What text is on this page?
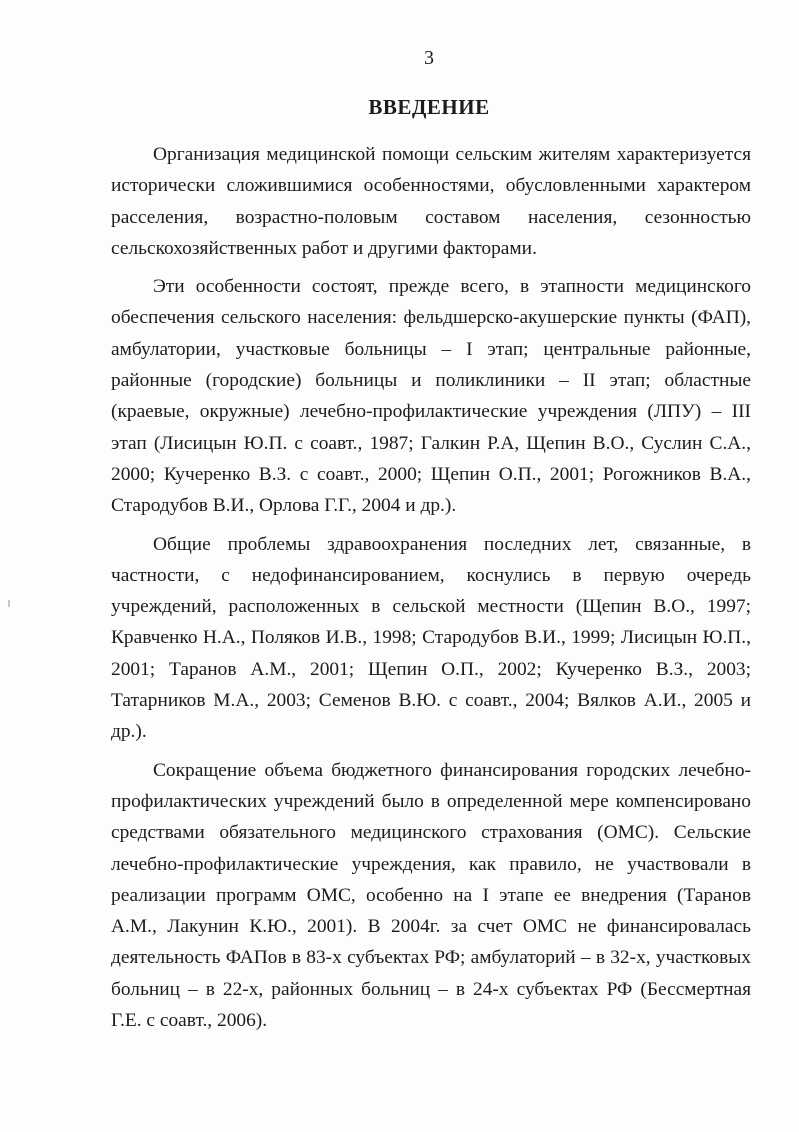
3
ВВЕДЕНИЕ

Организация медицинской помощи сельским жителям характеризуется исторически сложившимися особенностями, обусловленными характером расселения, возрастно-половым составом населения, сезонностью сельскохозяйственных работ и другими факторами.

Эти особенности состоят, прежде всего, в этапности медицинского обеспечения сельского населения: фельдшерско-акушерские пункты (ФАП), амбулатории, участковые больницы – I этап; центральные районные, районные (городские) больницы и поликлиники – II этап; областные (краевые, окружные) лечебно-профилактические учреждения (ЛПУ) – III этап (Лисицын Ю.П. с соавт., 1987; Галкин Р.А, Щепин В.О., Суслин С.А., 2000; Кучеренко В.З. с соавт., 2000; Щепин О.П., 2001; Рогожников В.А., Стародубов В.И., Орлова Г.Г., 2004 и др.).

Общие проблемы здравоохранения последних лет, связанные, в частности, с недофинансированием, коснулись в первую очередь учреждений, расположенных в сельской местности (Щепин В.О., 1997; Кравченко Н.А., Поляков И.В., 1998; Стародубов В.И., 1999; Лисицын Ю.П., 2001; Таранов А.М., 2001; Щепин О.П., 2002; Кучеренко В.З., 2003; Татарников М.А., 2003; Семенов В.Ю. с соавт., 2004; Вялков А.И., 2005 и др.).

Сокращение объема бюджетного финансирования городских лечебно-профилактических учреждений было в определенной мере компенсировано средствами обязательного медицинского страхования (ОМС). Сельские лечебно-профилактические учреждения, как правило, не участвовали в реализации программ ОМС, особенно на I этапе ее внедрения (Таранов А.М., Лакунин К.Ю., 2001). В 2004г. за счет ОМС не финансировалась деятельность ФАПов в 83-х субъектах РФ; амбулаторий – в 32-х, участковых больниц – в 22-х, районных больниц – в 24-х субъектах РФ (Бессмертная Г.Е. с соавт., 2006).
